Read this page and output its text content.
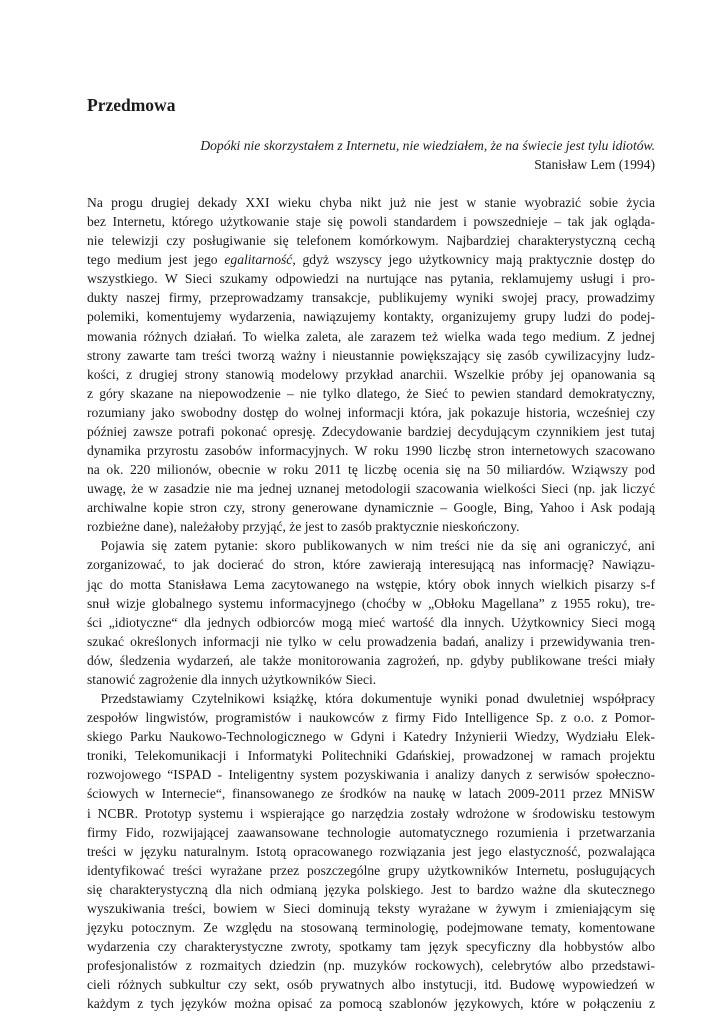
Przedmowa
Dopóki nie skorzystałem z Internetu, nie wiedziałem, że na świecie jest tylu idiotów.
Stanisław Lem (1994)
Na progu drugiej dekady XXI wieku chyba nikt już nie jest w stanie wyobrazić sobie życia
bez Internetu, którego użytkowanie staje się powoli standardem i powszednieje – tak jak ogląda-
nie telewizji czy posługiwanie się telefonem komórkowym. Najbardziej charakterystyczną cechą
tego medium jest jego egalitarność, gdyż wszyscy jego użytkownicy mają praktycznie dostęp do
wszystkiego. W Sieci szukamy odpowiedzi na nurtujące nas pytania, reklamujemy usługi i pro-
dukty naszej firmy, przeprowadzamy transakcje, publikujemy wyniki swojej pracy, prowadzimy
polemiki, komentujemy wydarzenia, nawiązujemy kontakty, organizujemy grupy ludzi do podej-
mowania różnych działań. To wielka zaleta, ale zarazem też wielka wada tego medium. Z jednej
strony zawarte tam treści tworzą ważny i nieustannie powiększający się zasób cywilizacyjny ludz-
kości, z drugiej strony stanowią modelowy przykład anarchii. Wszelkie próby jej opanowania są
z góry skazane na niepowodzenie – nie tylko dlatego, że Sieć to pewien standard demokratyczny,
rozumiany jako swobodny dostęp do wolnej informacji która, jak pokazuje historia, wcześniej czy
później zawsze potrafi pokonać opresję. Zdecydowanie bardziej decydującym czynnikiem jest tutaj
dynamika przyrostu zasobów informacyjnych. W roku 1990 liczbę stron internetowych szacowano
na ok. 220 milionów, obecnie w roku 2011 tę liczbę ocenia się na 50 miliardów. Wziąwszy pod
uwagę, że w zasadzie nie ma jednej uznanej metodologii szacowania wielkości Sieci (np. jak liczyć
archiwalne kopie stron czy, strony generowane dynamicznie – Google, Bing, Yahoo i Ask podają
rozbieżne dane), należałoby przyjąć, że jest to zasób praktycznie nieskończony.
Pojawia się zatem pytanie: skoro publikowanych w nim treści nie da się ani ograniczyć, ani
zorganizować, to jak docierać do stron, które zawierają interesującą nas informację? Nawiązu-
jąc do motta Stanisława Lema zacytowanego na wstępie, który obok innych wielkich pisarzy s-f
snuł wizje globalnego systemu informacyjnego (choćby w „Obłoku Magellana” z 1955 roku), tre-
ści „idiotyczne“ dla jednych odbiorców mogą mieć wartość dla innych. Użytkownicy Sieci mogą
szukać określonych informacji nie tylko w celu prowadzenia badań, analizy i przewidywania tren-
dów, śledzenia wydarzeń, ale także monitorowania zagrożeń, np. gdyby publikowane treści miały
stanowić zagrożenie dla innych użytkowników Sieci.
Przedstawiamy Czytelnikowi książkę, która dokumentuje wyniki ponad dwuletniej współpracy
zespołów lingwistów, programistów i naukowców z firmy Fido Intelligence Sp. z o.o. z Pomor-
skiego Parku Naukowo-Technologicznego w Gdyni i Katedry Inżynierii Wiedzy, Wydziału Elek-
troniki, Telekomunikacji i Informatyki Politechniki Gdańskiej, prowadzonej w ramach projektu
rozwojowego “ISPAD - Inteligentny system pozyskiwania i analizy danych z serwisów społeczno-
ściowych w Internecie“, finansowanego ze środków na naukę w latach 2009-2011 przez MNiSW
i NCBR. Prototyp systemu i wspierające go narzędzia zostały wdrożone w środowisku testowym
firmy Fido, rozwijającej zaawansowane technologie automatycznego rozumienia i przetwarzania
treści w języku naturalnym. Istotą opracowanego rozwiązania jest jego elastyczność, pozwalająca
identyfikować treści wyrażane przez poszczególne grupy użytkowników Internetu, posługujących
się charakterystyczną dla nich odmianą języka polskiego. Jest to bardzo ważne dla skutecznego
wyszukiwania treści, bowiem w Sieci dominują teksty wyrażane w żywym i zmieniającym się
języku potocznym. Ze względu na stosowaną terminologię, podejmowane tematy, komentowane
wydarzenia czy charakterystyczne zwroty, spotkamy tam język specyficzny dla hobbystów albo
profesjonalistów z rozmaitych dziedzin (np. muzyków rockowych), celebrytów albo przedstawi-
cieli różnych subkultur czy sekt, osób prywatnych albo instytucji, itd. Budowę wypowiedzeń w
każdym z tych języków można opisać za pomocą szablonów językowych, które w połączeniu z
